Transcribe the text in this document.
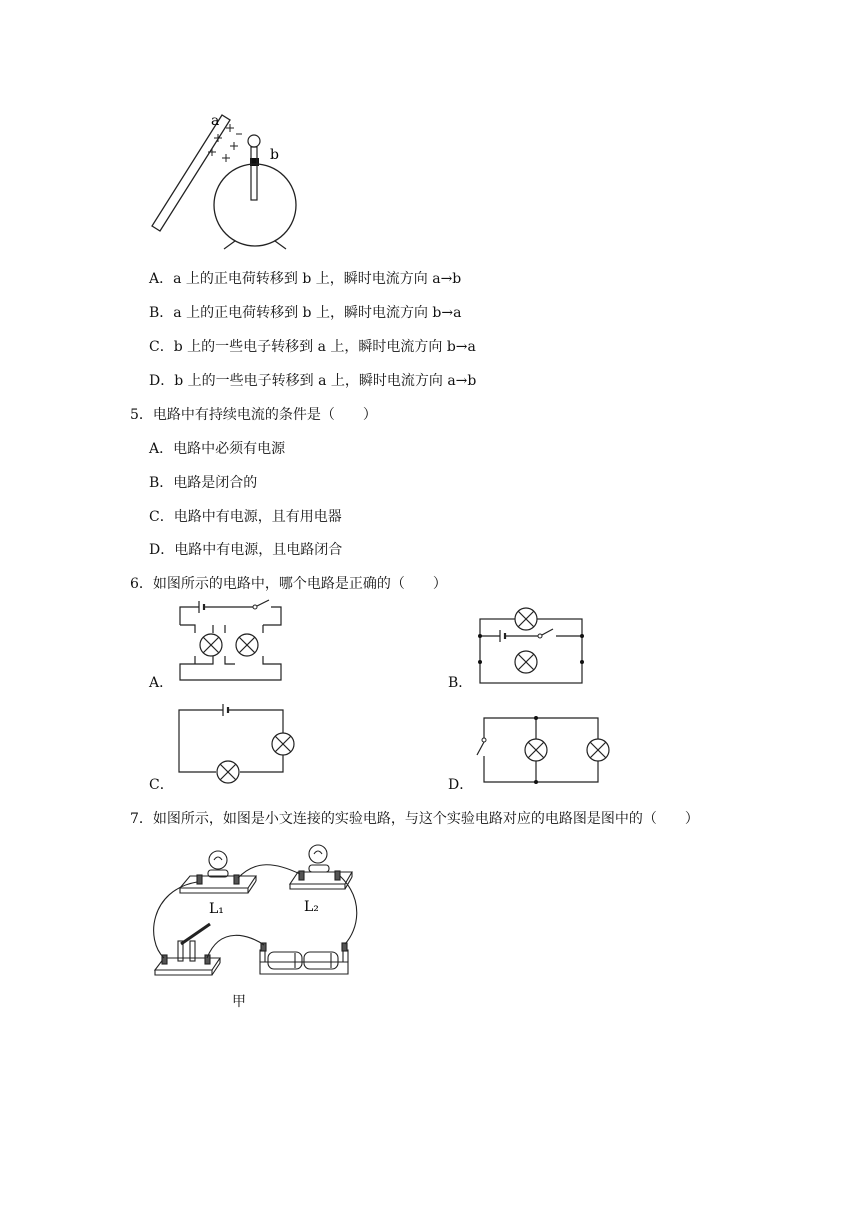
a
b
A．a 上的正电荷转移到 b 上，瞬时电流方向 a→b
B．a 上的正电荷转移到 b 上，瞬时电流方向 b→a
C．b 上的一些电子转移到 a 上，瞬时电流方向 b→a
D．b 上的一些电子转移到 a 上，瞬时电流方向 a→b
5．电路中有持续电流的条件是（　　）
A．电路中必须有电源
B．电路是闭合的
C．电路中有电源，且有用电器
D．电路中有电源，且电路闭合
6．如图所示的电路中，哪个电路是正确的（　　）
A．	B．
C．	D．
7．如图所示，如图是小文连接的实验电路，与这个实验电路对应的电路图是图中的（　　）
L₁	L₂
甲
